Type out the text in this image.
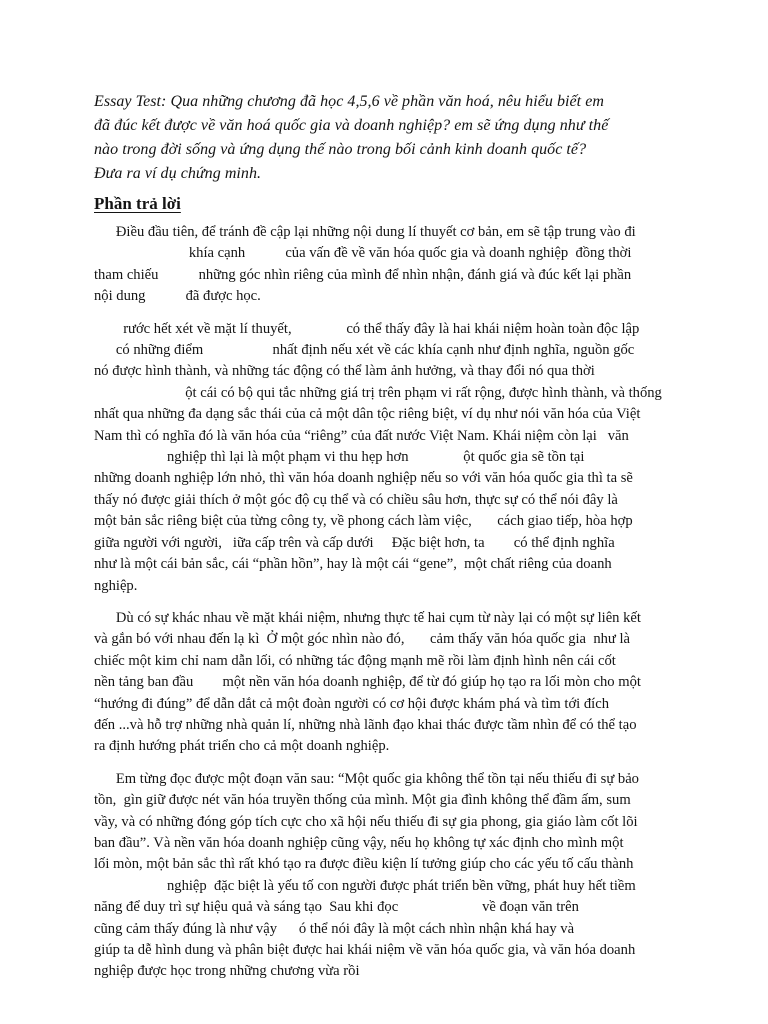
Essay Test: Qua những chương đã học 4,5,6 về phần văn hoá, nêu hiểu biết em
đã đúc kết được về văn hoá quốc gia và doanh nghiệp? em sẽ ứng dụng như thế
nào trong đời sống và ứng dụng thế nào trong bối cảnh kinh doanh quốc tế?
Đưa ra ví dụ chứng minh.
Phần trả lời
Điều đầu tiên, để tránh đề cập lại những nội dung lí thuyết cơ bản, em sẽ tập trung vào đi
khía cạnh           của vấn đề về văn hóa quốc gia và doanh nghiệp  đồng thời
tham chiếu           những góc nhìn riêng của mình để nhìn nhận, đánh giá và đúc kết lại phần
nội dung           đã được học.
rước hết xét về mặt lí thuyết,               có thể thấy đây là hai khái niệm hoàn toàn độc lập
có những điểm                   nhất định nếu xét về các khía cạnh như định nghĩa, nguồn gốc
nó được hình thành, và những tác động có thể làm ảnh hưởng, và thay đổi nó qua thời
ột cái có bộ qui tắc những giá trị trên phạm vi rất rộng, được hình thành, và thống
nhất qua những đa dạng sắc thái của cả một dân tộc riêng biệt, ví dụ như nói văn hóa của Việt
Nam thì có nghĩa đó là văn hóa của “riêng” của đất nước Việt Nam. Khái niệm còn lại   văn
nghiệp thì lại là một phạm vi thu hẹp hơn               ột quốc gia sẽ tồn tại
những doanh nghiệp lớn nhỏ, thì văn hóa doanh nghiệp nếu so với văn hóa quốc gia thì ta sẽ
thấy nó được giải thích ở một góc độ cụ thể và có chiều sâu hơn, thực sự có thể nói đây là
một bản sắc riêng biệt của từng công ty, về phong cách làm việc,       cách giao tiếp, hòa hợp
giữa người với người,   iữa cấp trên và cấp dưới     Đặc biệt hơn, ta        có thể định nghĩa
như là một cái bản sắc, cái “phần hồn”, hay là một cái “gene”,  một chất riêng của doanh
nghiệp.
Dù có sự khác nhau về mặt khái niệm, nhưng thực tế hai cụm từ này lại có một sự liên kết
và gắn bó với nhau đến lạ kì  Ở một góc nhìn nào đó,       cảm thấy văn hóa quốc gia  như là
chiếc một kim chỉ nam dẫn lối, có những tác động mạnh mẽ rồi làm định hình nên cái cốt
nền tảng ban đầu        một nền văn hóa doanh nghiệp, để từ đó giúp họ tạo ra lối mòn cho một
“hướng đi đúng” để dẫn dắt cả một đoàn người có cơ hội được khám phá và tìm tới đích
đến ...và hỗ trợ những nhà quản lí, những nhà lãnh đạo khai thác được tầm nhìn để có thể tạo
ra định hướng phát triển cho cả một doanh nghiệp.
Em từng đọc được một đoạn văn sau: “Một quốc gia không thể tồn tại nếu thiếu đi sự bảo
tồn,  gìn giữ được nét văn hóa truyền thống của mình. Một gia đình không thể đầm ấm, sum
vầy, và có những đóng góp tích cực cho xã hội nếu thiếu đi sự gia phong, gia giáo làm cốt lõi
ban đầu”. Và nền văn hóa doanh nghiệp cũng vậy, nếu họ không tự xác định cho mình một
lối mòn, một bản sắc thì rất khó tạo ra được điều kiện lí tưởng giúp cho các yếu tố cấu thành
nghiệp  đặc biệt là yếu tố con người được phát triển bền vững, phát huy hết tiềm
năng để duy trì sự hiệu quả và sáng tạo  Sau khi đọc                       về đoạn văn trên
cũng cảm thấy đúng là như vậy      ó thể nói đây là một cách nhìn nhận khá hay và
giúp ta dễ hình dung và phân biệt được hai khái niệm về văn hóa quốc gia, và văn hóa doanh
nghiệp được học trong những chương vừa rồi
